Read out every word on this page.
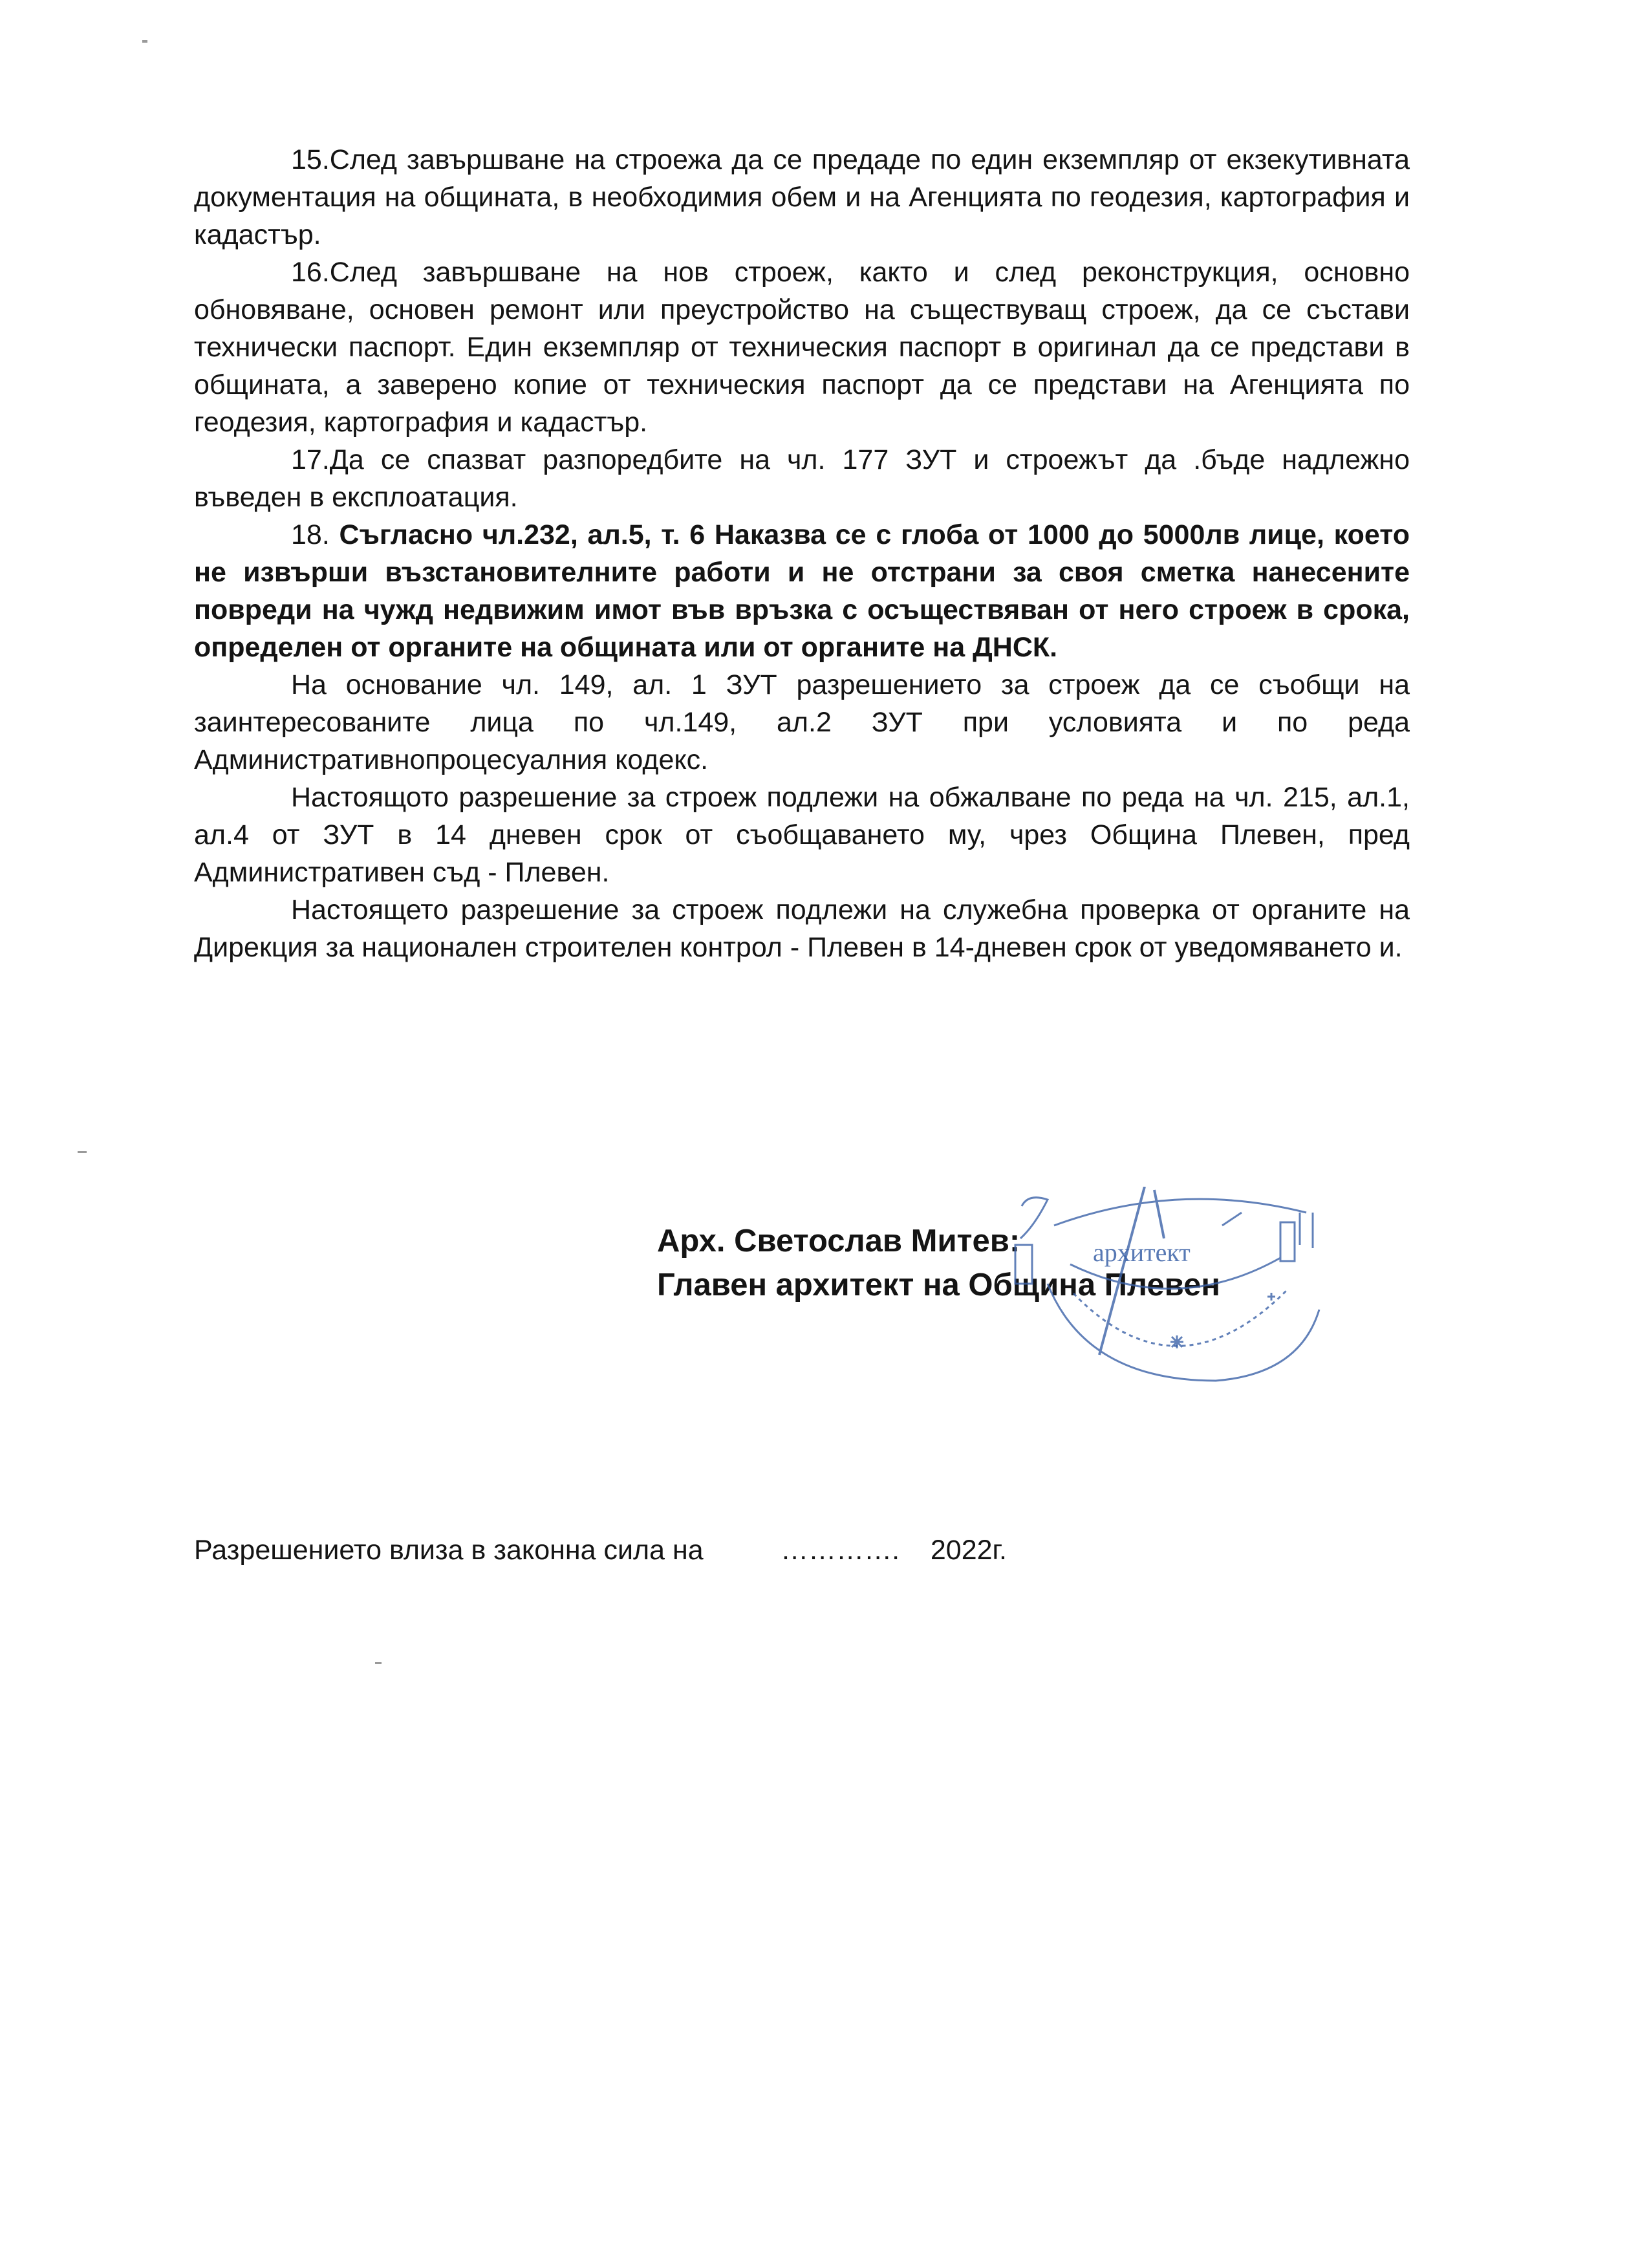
15.След завършване на строежа да се предаде по един екземпляр от екзекутивната документация на общината, в необходимия обем и на Агенцията по геодезия, картография и кадастър.

16.След завършване на нов строеж, както и след реконструкция, основно обновяване, основен ремонт или преустройство на съществуващ строеж, да се състави технически паспорт. Един екземпляр от техническия паспорт в оригинал да се представи в общината, а заверено копие от техническия паспорт да се представи на Агенцията по геодезия, картография и кадастър.

17.Да се спазват разпоредбите на чл. 177 ЗУТ и строежът да .бъде надлежно въведен в експлоатация.

18. Съгласно чл.232, ал.5, т. 6 Наказва се с глоба от 1000 до 5000лв лице, което не извърши възстановителните работи и не отстрани за своя сметка нанесените повреди на чужд недвижим имот във връзка с осъществяван от него строеж в срока, определен от органите на общината или от органите на ДНСК.

На основание чл. 149, ал. 1 ЗУТ разрешението за строеж да се съобщи на заинтересованите лица по чл.149, ал.2 ЗУТ при условията и по реда Административнопроцесуалния кодекс.

Настоящото разрешение за строеж подлежи на обжалване по реда на чл. 215, ал.1, ал.4 от ЗУТ в 14 дневен срок от съобщаването му, чрез Община Плевен, пред Административен съд - Плевен.

Настоящето разрешение за строеж подлежи на служебна проверка от органите на Дирекция за национален строителен контрол - Плевен в 14-дневен срок от уведомяването и.

Арх. Светослав Митев:
Главен архитект на Община Плевен
архитект
Разрешението влиза в законна сила на	…………. 2022г.
